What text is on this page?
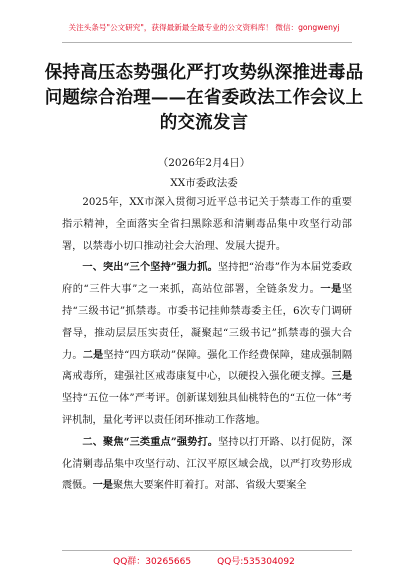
关注头条号"公文研究"，获得最新最全最专业的公文资料库！ 微信：gongwenyj
保持高压态势强化严打攻势纵深推进毒品问题综合治理——在省委政法工作会议上的交流发言
（2026年2月4日）
XX市委政法委

2025年，XX市深入贯彻习近平总书记关于禁毒工作的重要指示精神，全面落实全省扫黑除恶和清剿毒品集中攻坚行动部署，以禁毒小切口推动社会大治理、发展大提升。

一、突出“三个坚持”强力抓。坚持把“治毒”作为本届党委政府的“三件大事”之一来抓，高站位部署，全链条发力。一是坚持“三级书记”抓禁毒。市委书记挂帅禁毒委主任，6次专门调研督导，推动层层压实责任，凝聚起“三级书记”抓禁毒的强大合力。二是坚持“四方联动”保障。强化工作经费保障，建成强制隔离戒毒所，建强社区戒毒康复中心，以硬投入强化硬支撑。三是坚持“五位一体”严考评。创新谋划独具仙桃特色的“五位一体”考评机制，量化考评以责任闭环推动工作落地。

二、聚焦“三类重点”强势打。坚持以打开路、以打促防，深化清剿毒品集中攻坚行动、江汉平原区域会战，以严打攻势形成震慑。一是聚焦大要案件盯着打。对部、省级大要案全

QQ群：30265665	QQ号:535304092
